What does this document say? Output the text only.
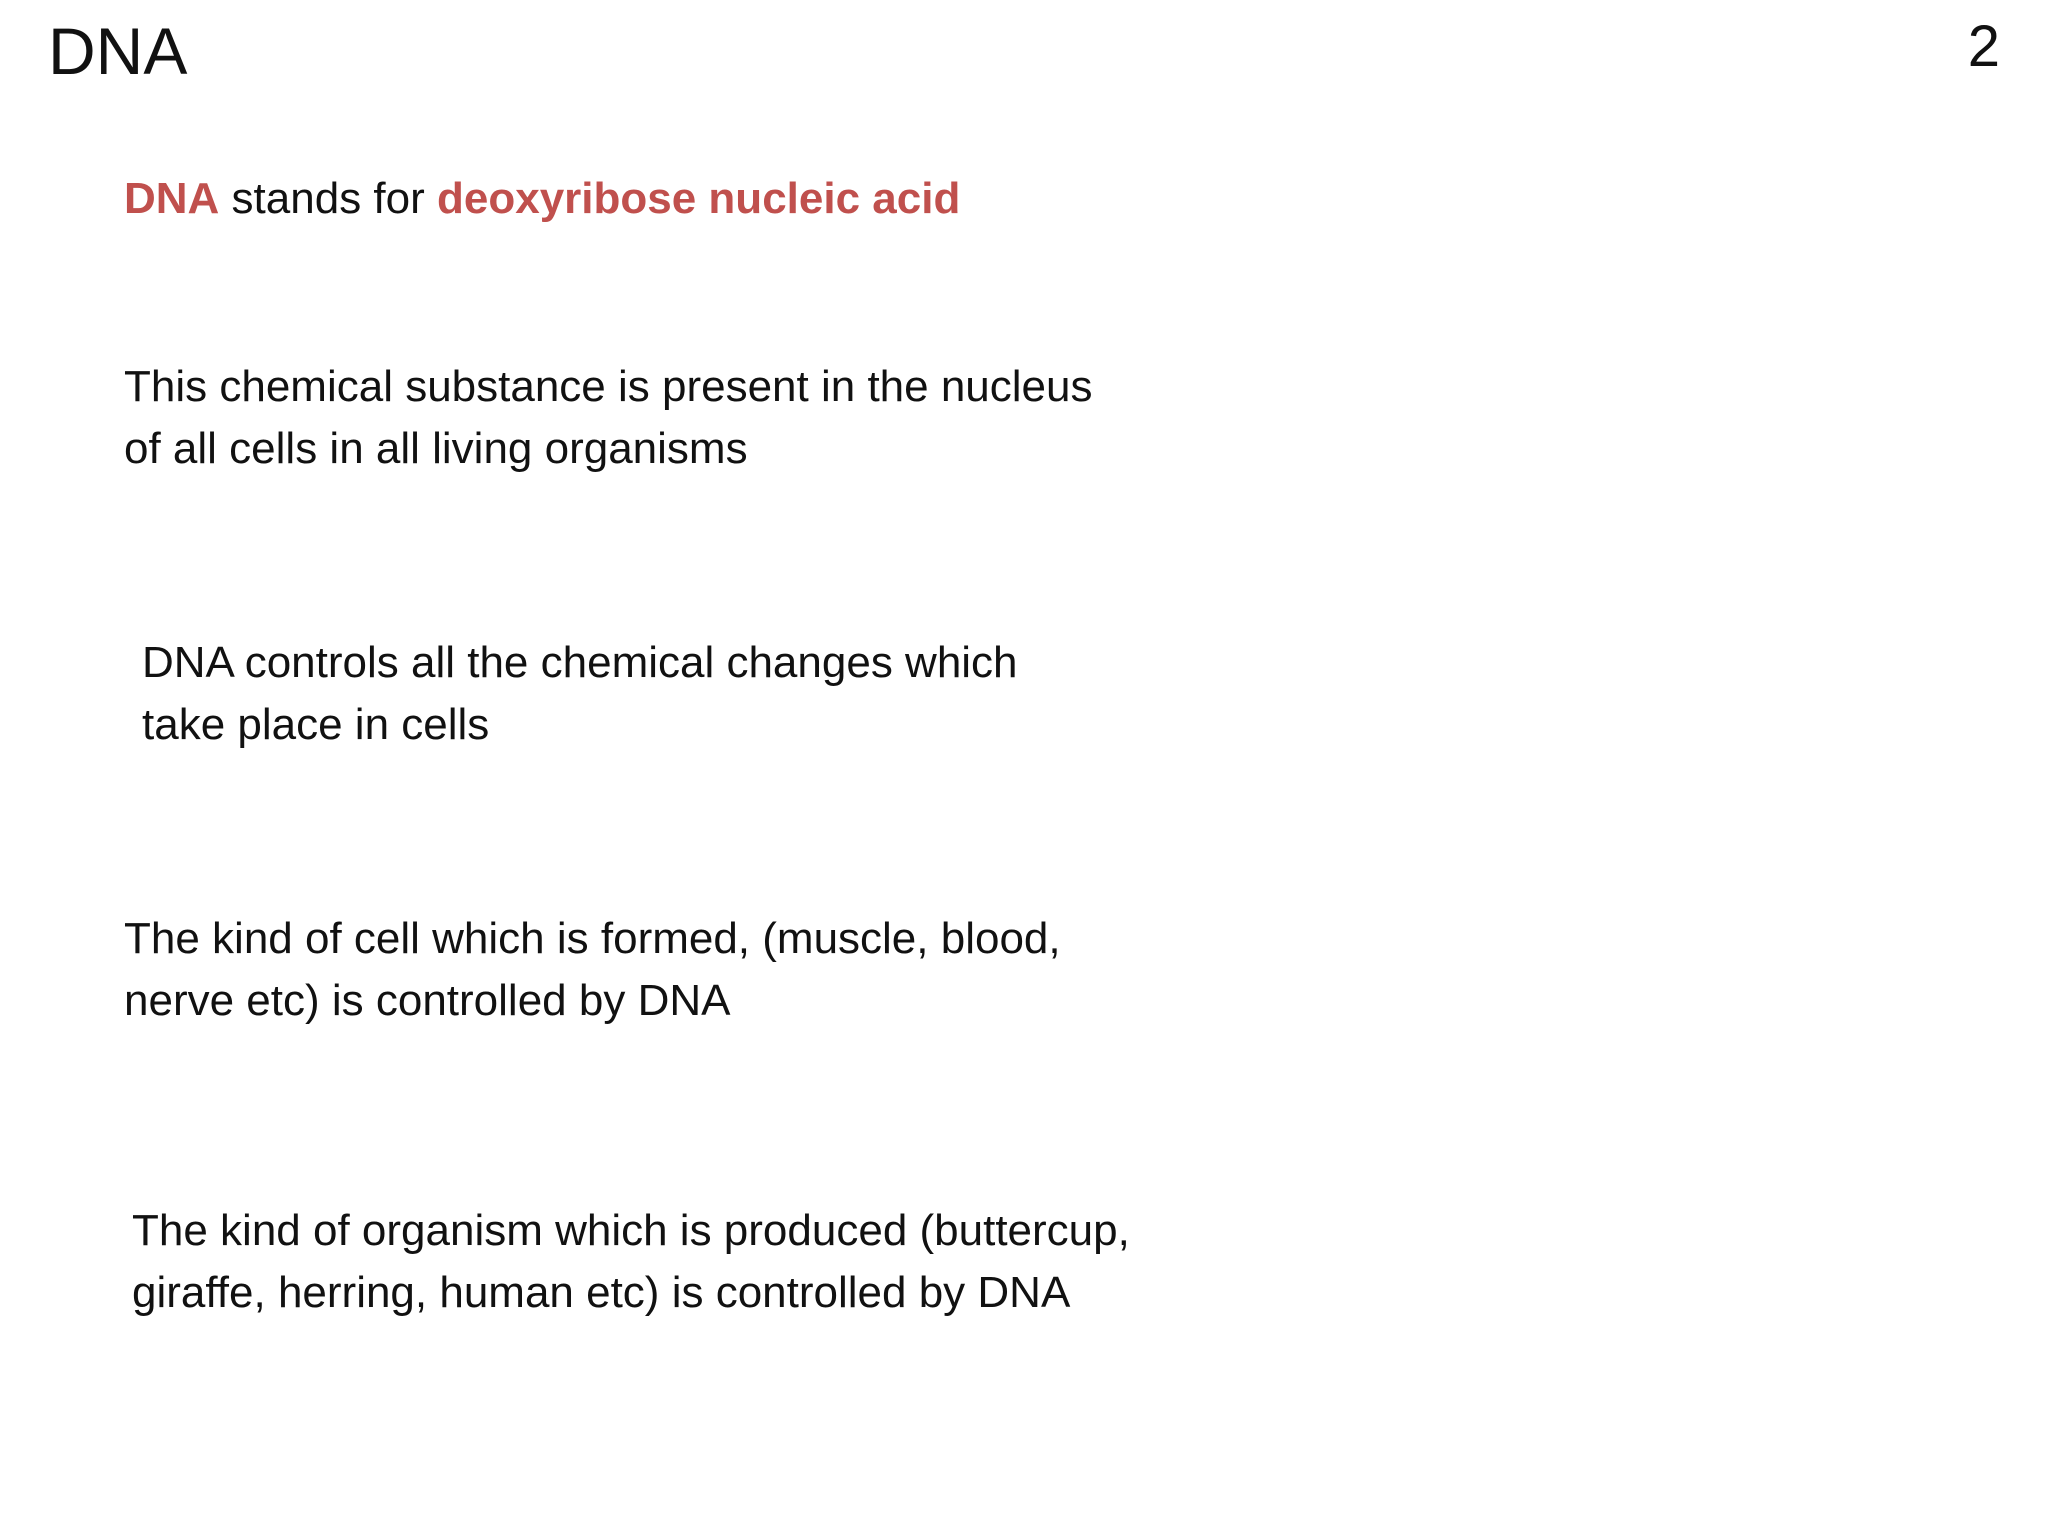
DNA	2
DNA stands for deoxyribose nucleic acid
This chemical substance is present in the nucleus
of all cells in all living organisms
DNA controls all the chemical changes which
take place in cells
The kind of cell which is formed, (muscle, blood,
nerve etc) is controlled by DNA
The kind of organism which is produced (buttercup,
giraffe, herring, human etc) is controlled by DNA
